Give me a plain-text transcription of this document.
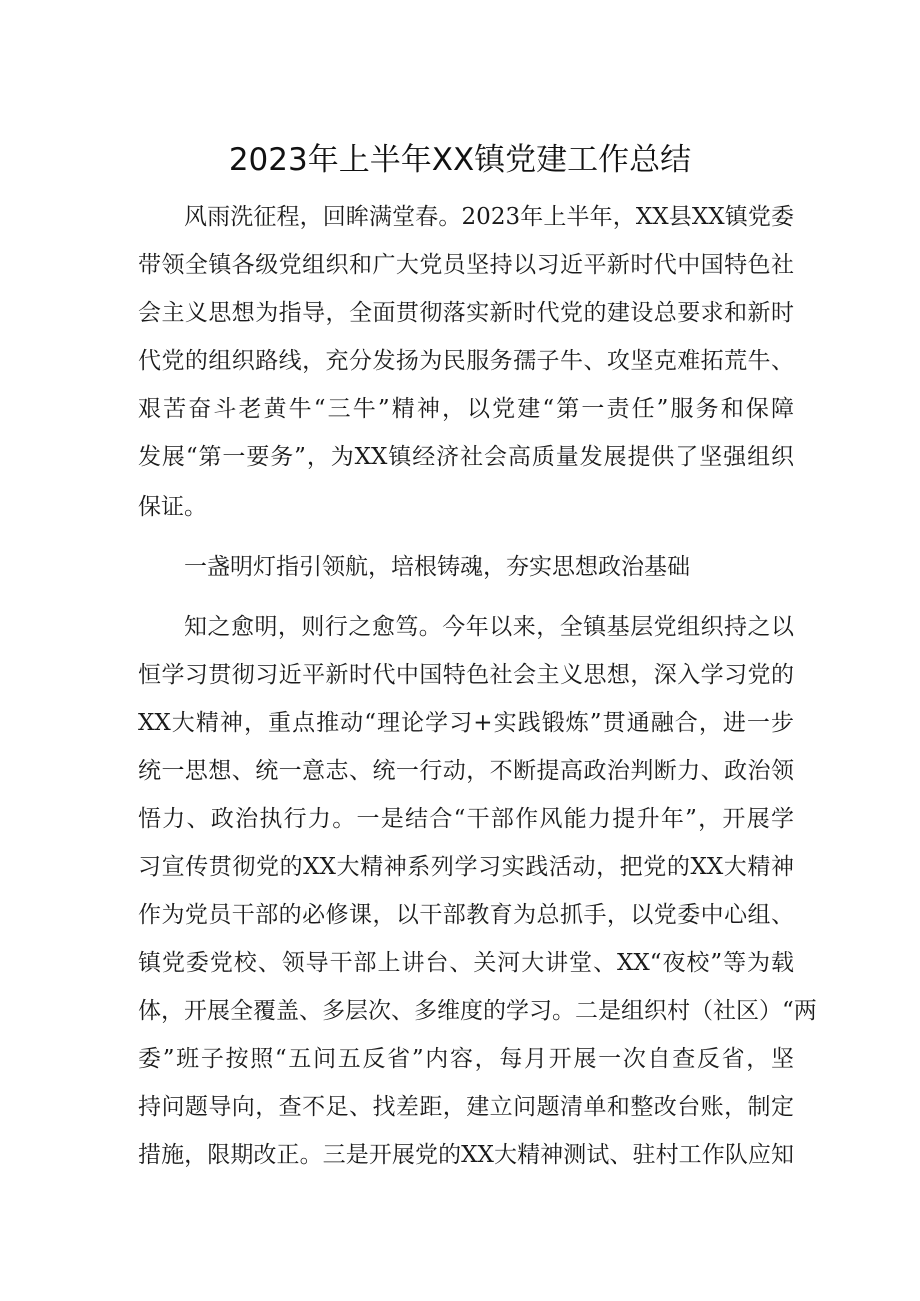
2023年上半年XX镇党建工作总结
风雨洗征程，回眸满堂春。2023年上半年，XX县XX镇党委
带领全镇各级党组织和广大党员坚持以习近平新时代中国特色社
会主义思想为指导，全面贯彻落实新时代党的建设总要求和新时
代党的组织路线，充分发扬为民服务孺子牛、攻坚克难拓荒牛、
艰苦奋斗老黄牛“三牛”精神，以党建“第一责任”服务和保障
发展“第一要务”，为XX镇经济社会高质量发展提供了坚强组织
保证。
一盏明灯指引领航，培根铸魂，夯实思想政治基础
知之愈明，则行之愈笃。今年以来，全镇基层党组织持之以
恒学习贯彻习近平新时代中国特色社会主义思想，深入学习党的
XX大精神，重点推动“理论学习+实践锻炼”贯通融合，进一步
统一思想、统一意志、统一行动，不断提高政治判断力、政治领
悟力、政治执行力。一是结合“干部作风能力提升年”，开展学
习宣传贯彻党的XX大精神系列学习实践活动，把党的XX大精神
作为党员干部的必修课，以干部教育为总抓手，以党委中心组、
镇党委党校、领导干部上讲台、关河大讲堂、XX“夜校”等为载
体，开展全覆盖、多层次、多维度的学习。二是组织村（社区）“两
委”班子按照“五问五反省”内容，每月开展一次自查反省，坚
持问题导向，查不足、找差距，建立问题清单和整改台账，制定
措施，限期改正。三是开展党的XX大精神测试、驻村工作队应知
